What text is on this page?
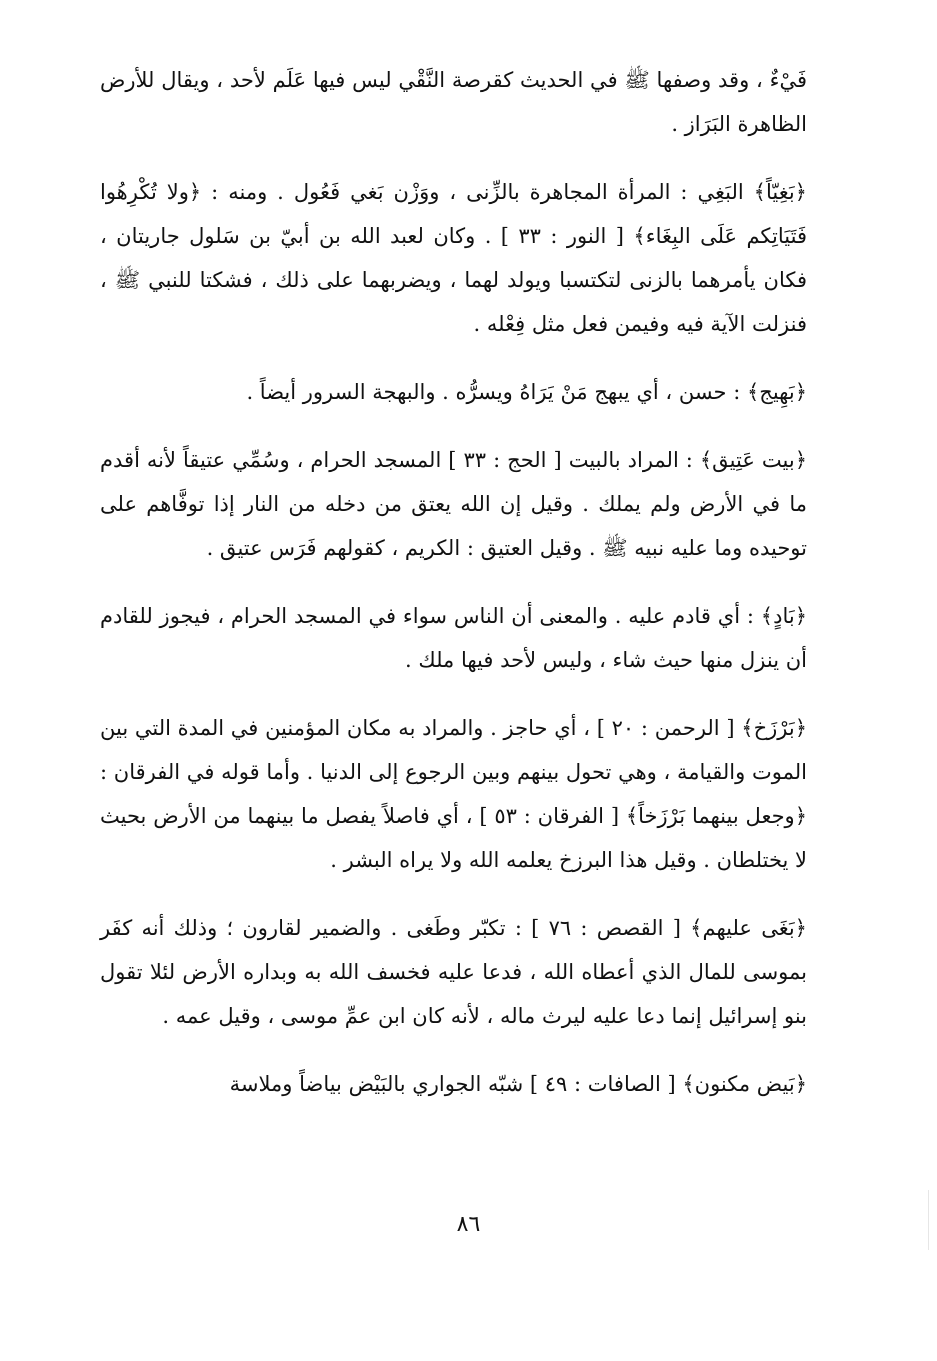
فَيْءٌ ، وقد وصفها ﷺ في الحديث كقرصة النَّقْي ليس فيها عَلَم لأحد ، ويقال للأرض الظاهرة البَرَاز .

﴿بَغِيّاً﴾ البَغِي : المرأة المجاهرة بالزِّنى ، ووَزْن بَغي فَعُول . ومنه : ﴿ولا تُكْرِهُوا فَتَيَاتِكم عَلَى البِغَاء﴾ [ النور : ٣٣ ] . وكان لعبد الله بن أبيّ بن سَلول جاريتان ، فكان يأمرهما بالزنى لتكتسبا ويولد لهما ، ويضربهما على ذلك ، فشكتا للنبي ﷺ ، فنزلت الآية فيه وفيمن فعل مثل فِعْله .

﴿بَهِيج﴾ : حسن ، أي يبهج مَنْ يَرَاهُ ويسرُّه . والبهجة السرور أيضاً .

﴿بيت عَتِيق﴾ : المراد بالبيت [ الحج : ٣٣ ] المسجد الحرام ، وسُمِّي عتيقاً لأنه أقدم ما في الأرض ولم يملك . وقيل إن الله يعتق من دخله من النار إذا توفَّاهم على توحيده وما عليه نبيه ﷺ . وقيل العتيق : الكريم ، كقولهم فَرَس عتيق .

﴿بَادٍ﴾ : أي قادم عليه . والمعنى أن الناس سواء في المسجد الحرام ، فيجوز للقادم أن ينزل منها حيث شاء ، وليس لأحد فيها ملك .

﴿بَرْزَخ﴾ [ الرحمن : ٢٠ ] ، أي حاجز . والمراد به مكان المؤمنين في المدة التي بين الموت والقيامة ، وهي تحول بينهم وبين الرجوع إلى الدنيا . وأما قوله في الفرقان : ﴿وجعل بينهما بَرْزَخاً﴾ [ الفرقان : ٥٣ ] ، أي فاصلاً يفصل ما بينهما من الأرض بحيث لا يختلطان . وقيل هذا البرزخ يعلمه الله ولا يراه البشر .

﴿بَغَى عليهم﴾ [ القصص : ٧٦ ] : تكبّر وطَغى . والضمير لقارون ؛ وذلك أنه كفَر بموسى للمال الذي أعطاه الله ، فدعا عليه فخسف الله به وبداره الأرض لئلا تقول بنو إسرائيل إنما دعا عليه ليرث ماله ، لأنه كان ابن عمِّ موسى ، وقيل عمه .

﴿بَيض مكنون﴾ [ الصافات : ٤٩ ] شبّه الجواري بالبَيْض بياضاً وملاسة

٨٦
